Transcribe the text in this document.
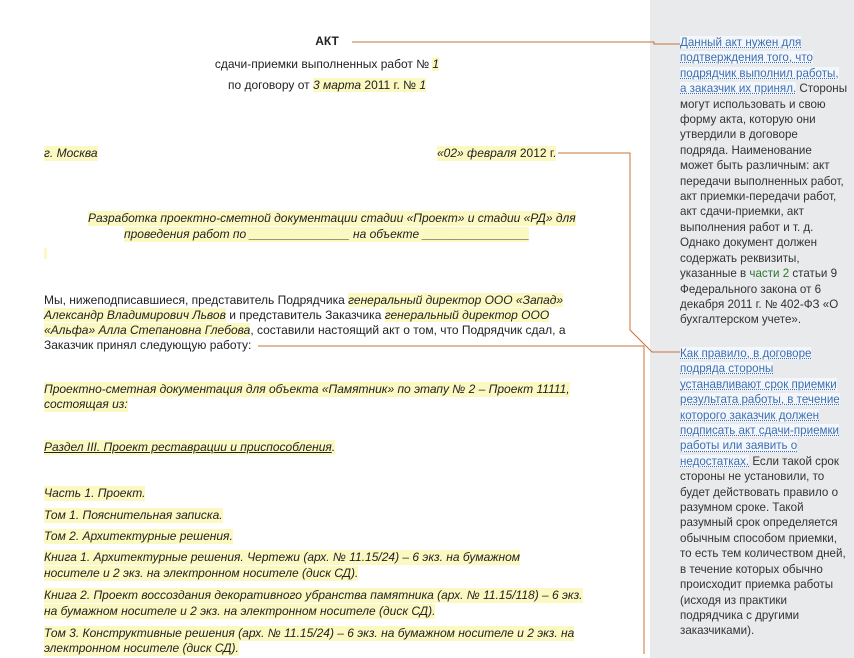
АКТ
сдачи-приемки выполненных работ № 1
по договору от 3 марта 2011 г. № 1
г. Москва	«02» февраля 2012 г.
Разработка проектно-сметной документации стадии «Проект» и стадии «РД» для
проведения работ по _______________ на объекте ________________
Мы, нижеподписавшиеся, представитель Подрядчика генеральный директор ООО «Запад»
Александр Владимирович Львов и представитель Заказчика генеральный директор ООО
«Альфа» Алла Степановна Глебова, составили настоящий акт о том, что Подрядчик сдал, а
Заказчик принял следующую работу:
Проектно-сметная документация для объекта «Памятник» по этапу № 2 – Проект 11111,
состоящая из:
Раздел III. Проект реставрации и приспособления.
Часть 1. Проект.
Том 1. Пояснительная записка.
Том 2. Архитектурные решения.
Книга 1. Архитектурные решения. Чертежи (арх. № 11.15/24) – 6 экз. на бумажном
носителе и 2 экз. на электронном носителе (диск СД).
Книга 2. Проект воссоздания декоративного убранства памятника (арх. № 11.15/118) – 6 экз.
на бумажном носителе и 2 экз. на электронном носителе (диск СД).
Том 3. Конструктивные решения (арх. № 11.15/24) – 6 экз. на бумажном носителе и 2 экз. на
электронном носителе (диск СД).
Данный акт нужен для
подтверждения того, что
подрядчик выполнил работы,
а заказчик их принял. Стороны
могут использовать и свою
форму акта, которую они
утвердили в договоре
подряда. Наименование
может быть различным: акт
передачи выполненных работ,
акт приемки-передачи работ,
акт сдачи-приемки, акт
выполнения работ и т. д.
Однако документ должен
содержать реквизиты,
указанные в части 2 статьи 9
Федерального закона от 6
декабря 2011 г. № 402-ФЗ «О
бухгалтерском учете».
Как правило, в договоре
подряда стороны
устанавливают срок приемки
результата работы, в течение
которого заказчик должен
подписать акт сдачи-приемки
работы или заявить о
недостатках. Если такой срок
стороны не установили, то
будет действовать правило о
разумном сроке. Такой
разумный срок определяется
обычным способом приемки,
то есть тем количеством дней,
в течение которых обычно
происходит приемка работы
(исходя из практики
подрядчика с другими
заказчиками).
